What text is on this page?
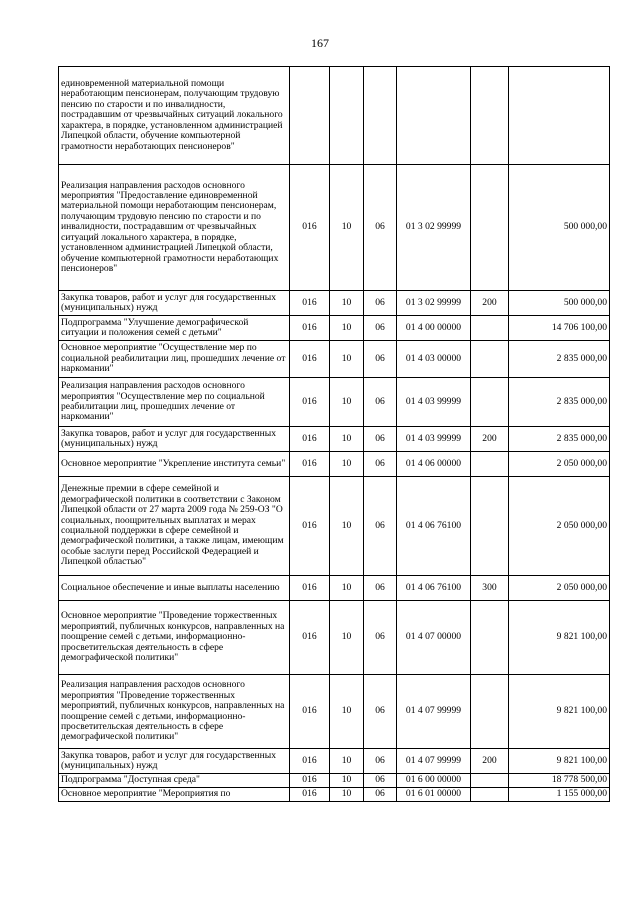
167
единовременной материальной помощи неработающим пенсионерам, получающим трудовую пенсию по старости и по инвалидности, пострадавшим от чрезвычайных ситуаций локального характера, в порядке, установленном администрацией Липецкой области, обучение компьютерной грамотности неработающих пенсионеров"						
Реализация направления расходов основного мероприятия "Предоставление единовременной материальной помощи неработающим пенсионерам, получающим трудовую пенсию по старости и по инвалидности, пострадавшим от чрезвычайных ситуаций локального характера, в порядке, установленном администрацией Липецкой области, обучение компьютерной грамотности неработающих пенсионеров"	016	10	06	01 3 02 99999		500 000,00
Закупка товаров, работ и услуг для государственных (муниципальных) нужд	016	10	06	01 3 02 99999	200	500 000,00
Подпрограмма "Улучшение демографической ситуации и положения семей с детьми"	016	10	06	01 4 00 00000		14 706 100,00
Основное мероприятие "Осуществление мер по социальной реабилитации лиц, прошедших лечение от наркомании"	016	10	06	01 4 03 00000		2 835 000,00
Реализация направления расходов основного мероприятия "Осуществление мер по социальной реабилитации лиц, прошедших лечение от наркомании"	016	10	06	01 4 03 99999		2 835 000,00
Закупка товаров, работ и услуг для государственных (муниципальных) нужд	016	10	06	01 4 03 99999	200	2 835 000,00
Основное мероприятие "Укрепление института семьи"	016	10	06	01 4 06 00000		2 050 000,00
Денежные премии в сфере семейной и демографической политики в соответствии с Законом Липецкой области от 27 марта 2009 года № 259-ОЗ "О социальных, поощрительных выплатах и мерах социальной поддержки в сфере семейной и демографической политики, а также лицам, имеющим особые заслуги перед Российской Федерацией и Липецкой областью"	016	10	06	01 4 06 76100		2 050 000,00
Социальное обеспечение и иные выплаты населению	016	10	06	01 4 06 76100	300	2 050 000,00
Основное мероприятие "Проведение торжественных мероприятий, публичных конкурсов, направленных на поощрение семей с детьми, информационно-просветительская деятельность в сфере демографической политики"	016	10	06	01 4 07 00000		9 821 100,00
Реализация направления расходов основного мероприятия "Проведение торжественных мероприятий, публичных конкурсов, направленных на поощрение семей с детьми, информационно-просветительская деятельность в сфере демографической политики"	016	10	06	01 4 07 99999		9 821 100,00
Закупка товаров, работ и услуг для государственных (муниципальных) нужд	016	10	06	01 4 07 99999	200	9 821 100,00
Подпрограмма "Доступная среда"	016	10	06	01 6 00 00000		18 778 500,00
Основное мероприятие "Мероприятия по	016	10	06	01 6 01 00000		1 155 000,00
